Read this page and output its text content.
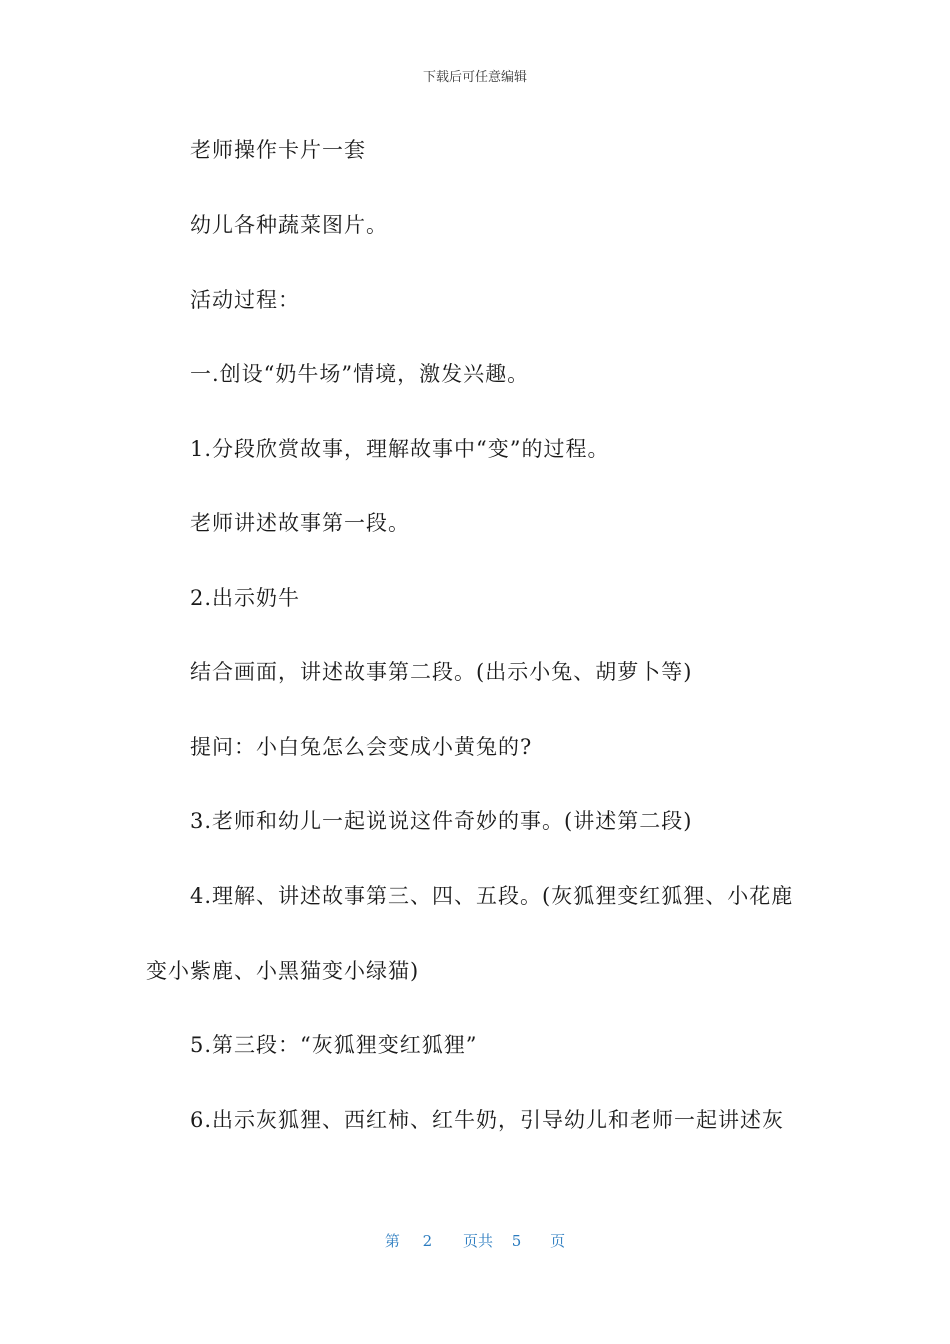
下载后可任意编辑
老师操作卡片一套
幼儿各种蔬菜图片。
活动过程：
一.创设“奶牛场”情境，激发兴趣。
1.分段欣赏故事，理解故事中“变”的过程。
老师讲述故事第一段。
2.出示奶牛
结合画面，讲述故事第二段。(出示小兔、胡萝卜等)
提问：小白兔怎么会变成小黄兔的?
3.老师和幼儿一起说说这件奇妙的事。(讲述第二段)
4.理解、讲述故事第三、四、五段。(灰狐狸变红狐狸、小花鹿
变小紫鹿、小黑猫变小绿猫)
5.第三段：“灰狐狸变红狐狸”
6.出示灰狐狸、西红柿、红牛奶，引导幼儿和老师一起讲述灰
第 2 页共 5 页
